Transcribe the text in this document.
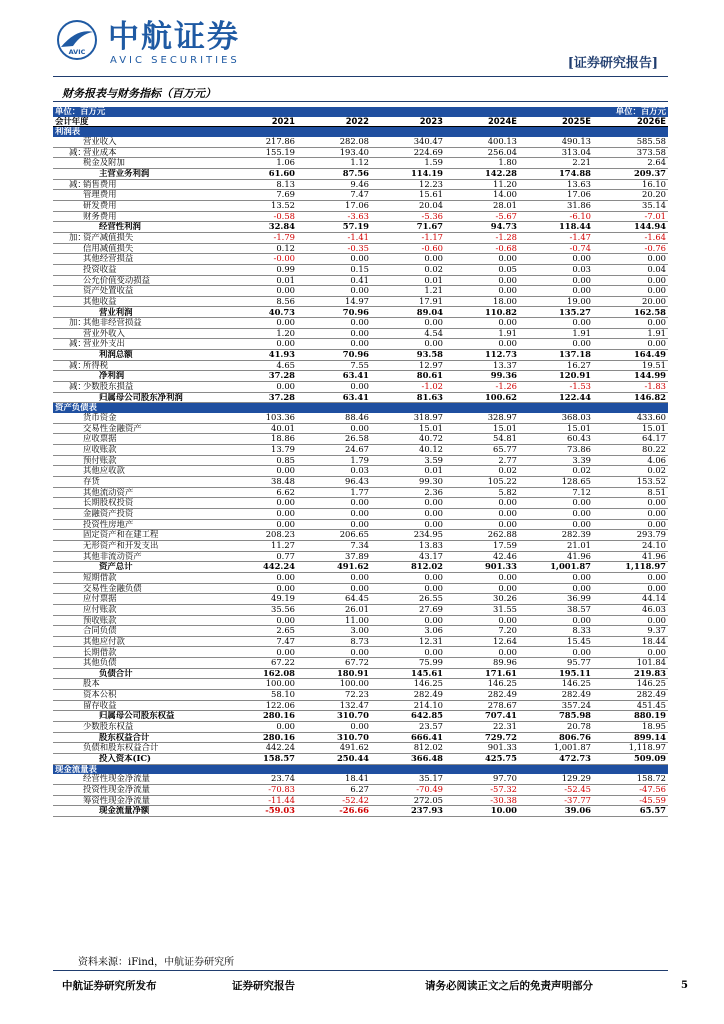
AVIC 中航证券
AVIC SECURITIES	[证券研究报告]
财务报表与财务指标（百万元）
单位：百万元					单位：百万元	
会计年度	2021	2022	2023	2024E	2025E	2026E
利润表						
营业收入	217.86	282.08	340.47	400.13	490.13	585.58
减：营业成本	155.19	193.40	224.69	256.04	313.04	373.58
税金及附加	1.06	1.12	1.59	1.80	2.21	2.64
主营业务利润	61.60	87.56	114.19	142.28	174.88	209.37
减：销售费用	8.13	9.46	12.23	11.20	13.63	16.10
管理费用	7.69	7.47	15.61	14.00	17.06	20.20
研发费用	13.52	17.06	20.04	28.01	31.86	35.14
财务费用	-0.58	-3.63	-5.36	-5.67	-6.10	-7.01
经营性利润	32.84	57.19	71.67	94.73	118.44	144.94
加：资产减值损失	-1.79	-1.41	-1.17	-1.28	-1.47	-1.64
信用减值损失	0.12	-0.35	-0.60	-0.68	-0.74	-0.76
其他经营损益	-0.00	0.00	0.00	0.00	0.00	0.00
投资收益	0.99	0.15	0.02	0.05	0.03	0.04
公允价值变动损益	0.01	0.41	0.01	0.00	0.00	0.00
资产处置收益	0.00	0.00	1.21	0.00	0.00	0.00
其他收益	8.56	14.97	17.91	18.00	19.00	20.00
营业利润	40.73	70.96	89.04	110.82	135.27	162.58
加：其他非经营损益	0.00	0.00	0.00	0.00	0.00	0.00
营业外收入	1.20	0.00	4.54	1.91	1.91	1.91
减：营业外支出	0.00	0.00	0.00	0.00	0.00	0.00
利润总额	41.93	70.96	93.58	112.73	137.18	164.49
减：所得税	4.65	7.55	12.97	13.37	16.27	19.51
净利润	37.28	63.41	80.61	99.36	120.91	144.99
减：少数股东损益	0.00	0.00	-1.02	-1.26	-1.53	-1.83
归属母公司股东净利润	37.28	63.41	81.63	100.62	122.44	146.82
资产负债表						
货币资金	103.36	88.46	318.97	328.97	368.03	433.60
交易性金融资产	40.01	0.00	15.01	15.01	15.01	15.01
应收票据	18.86	26.58	40.72	54.81	60.43	64.17
应收账款	13.79	24.67	40.12	65.77	73.86	80.22
预付账款	0.85	1.79	3.59	2.77	3.39	4.06
其他应收款	0.00	0.03	0.01	0.02	0.02	0.02
存货	38.48	96.43	99.30	105.22	128.65	153.52
其他流动资产	6.62	1.77	2.36	5.82	7.12	8.51
长期股权投资	0.00	0.00	0.00	0.00	0.00	0.00
金融资产投资	0.00	0.00	0.00	0.00	0.00	0.00
投资性房地产	0.00	0.00	0.00	0.00	0.00	0.00
固定资产和在建工程	208.23	206.65	234.95	262.88	282.39	293.79
无形资产和开发支出	11.27	7.34	13.83	17.59	21.01	24.10
其他非流动资产	0.77	37.89	43.17	42.46	41.96	41.96
资产总计	442.24	491.62	812.02	901.33	1,001.87	1,118.97
短期借款	0.00	0.00	0.00	0.00	0.00	0.00
交易性金融负债	0.00	0.00	0.00	0.00	0.00	0.00
应付票据	49.19	64.45	26.55	30.26	36.99	44.14
应付账款	35.56	26.01	27.69	31.55	38.57	46.03
预收账款	0.00	11.00	0.00	0.00	0.00	0.00
合同负债	2.65	3.00	3.06	7.20	8.33	9.37
其他应付款	7.47	8.73	12.31	12.64	15.45	18.44
长期借款	0.00	0.00	0.00	0.00	0.00	0.00
其他负债	67.22	67.72	75.99	89.96	95.77	101.84
负债合计	162.08	180.91	145.61	171.61	195.11	219.83
股本	100.00	100.00	146.25	146.25	146.25	146.25
资本公积	58.10	72.23	282.49	282.49	282.49	282.49
留存收益	122.06	132.47	214.10	278.67	357.24	451.45
归属母公司股东权益	280.16	310.70	642.85	707.41	785.98	880.19
少数股东权益	0.00	0.00	23.57	22.31	20.78	18.95
股东权益合计	280.16	310.70	666.41	729.72	806.76	899.14
负债和股东权益合计	442.24	491.62	812.02	901.33	1,001.87	1,118.97
投入资本(IC)	158.57	250.44	366.48	425.75	472.73	509.09
现金流量表						
经营性现金净流量	23.74	18.41	35.17	97.70	129.29	158.72
投资性现金净流量	-70.83	6.27	-70.49	-57.32	-52.45	-47.56
筹资性现金净流量	-11.44	-52.42	272.05	-30.38	-37.77	-45.59
现金流量净额	-59.03	-26.66	237.93	10.00	39.06	65.57
资料来源：iFind，中航证券研究所
中航证券研究所发布	证券研究报告	请务必阅读正文之后的免责声明部分	5
